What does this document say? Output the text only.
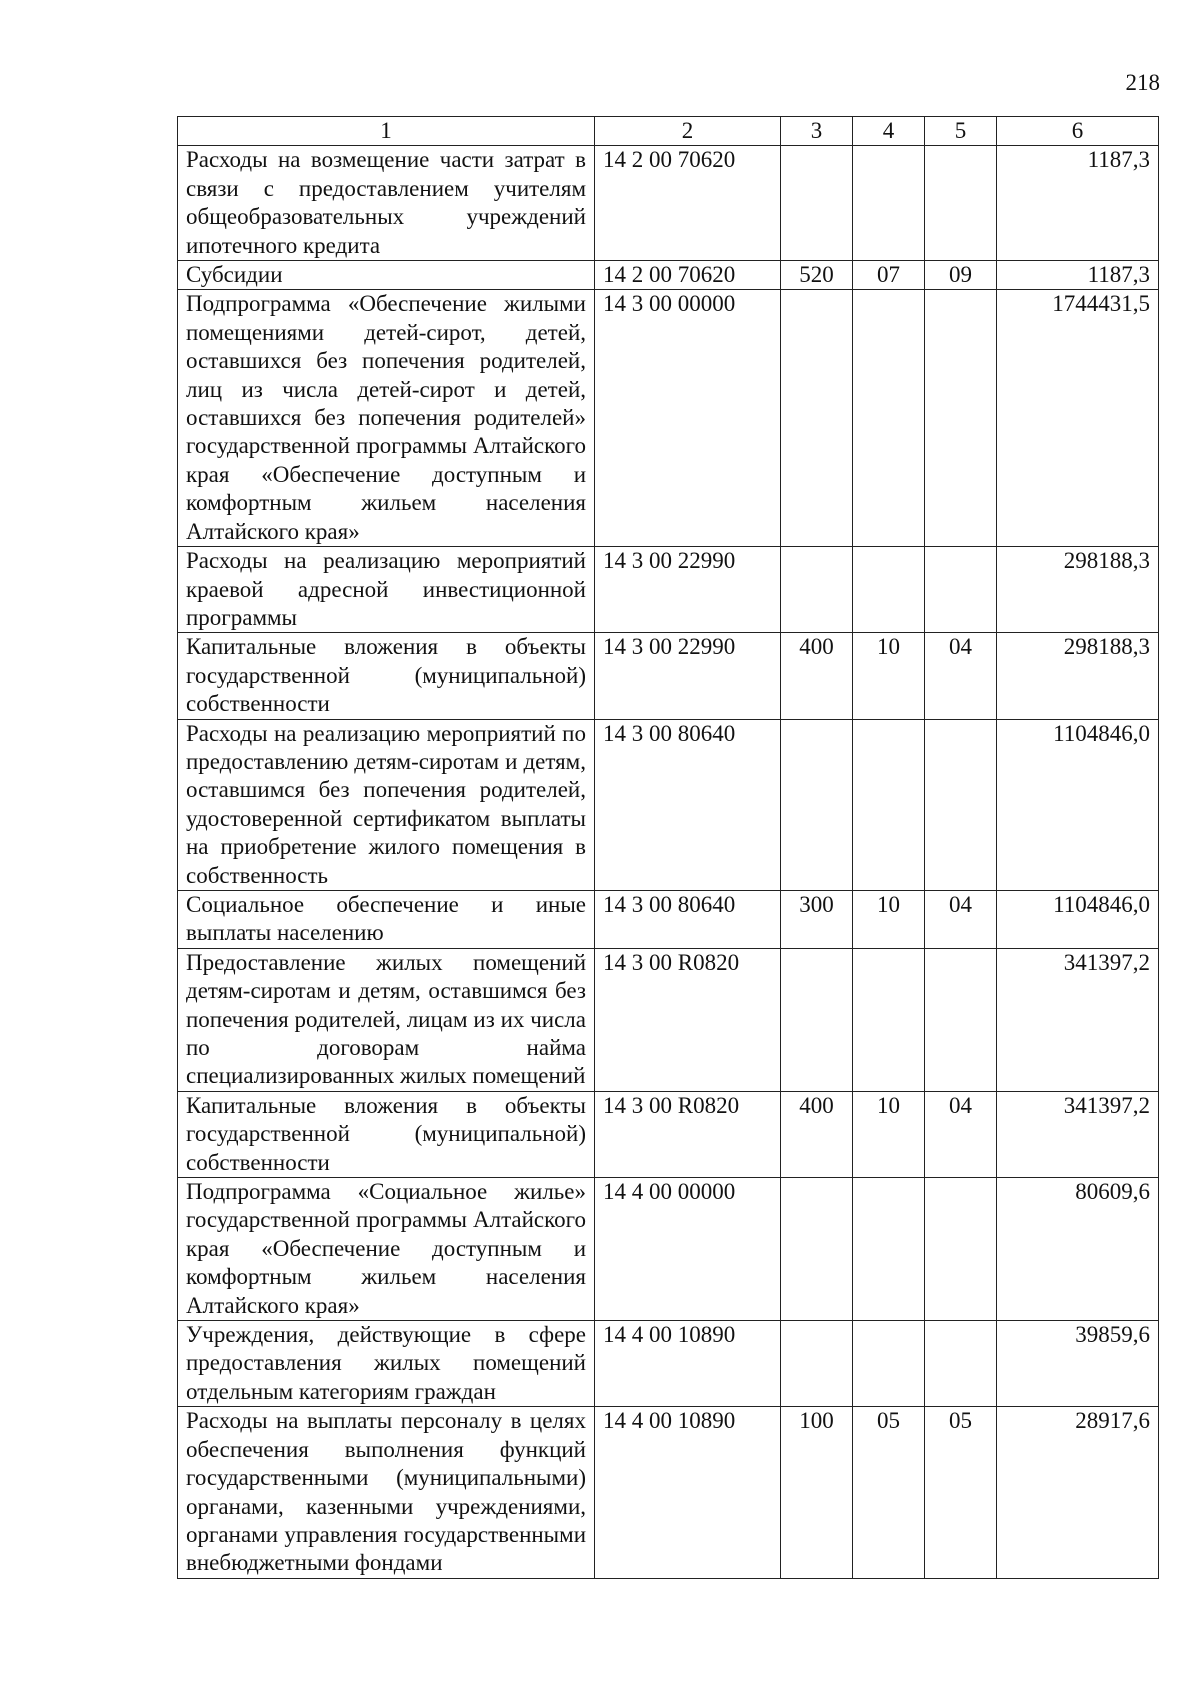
218
1	2	3	4	5	6
Расходы на возмещение части затрат в связи с предоставлением учителям общеобразовательных учреждений ипотечного кредита	14 2 00 70620				1187,3
Субсидии	14 2 00 70620	520	07	09	1187,3
Подпрограмма «Обеспечение жилыми помещениями детей-сирот, детей, оставшихся без попечения родителей, лиц из числа детей-сирот и детей, оставшихся без попечения родителей» государственной программы Алтайского края «Обеспечение доступным и комфортным жильем населения Алтайского края»	14 3 00 00000				1744431,5
Расходы на реализацию мероприятий краевой адресной инвестиционной программы	14 3 00 22990				298188,3
Капитальные вложения в объекты государственной (муниципальной) собственности	14 3 00 22990	400	10	04	298188,3
Расходы на реализацию мероприятий по предоставлению детям-сиротам и детям, оставшимся без попечения родителей, удостоверенной сертификатом выплаты на приобретение жилого помещения в собственность	14 3 00 80640				1104846,0
Социальное обеспечение и иные выплаты населению	14 3 00 80640	300	10	04	1104846,0
Предоставление жилых помещений детям-сиротам и детям, оставшимся без попечения родителей, лицам из их числа по договорам найма специализированных жилых помещений	14 3 00 R0820				341397,2
Капитальные вложения в объекты государственной (муниципальной) собственности	14 3 00 R0820	400	10	04	341397,2
Подпрограмма «Социальное жилье» государственной программы Алтайского края «Обеспечение доступным и комфортным жильем населения Алтайского края»	14 4 00 00000				80609,6
Учреждения, действующие в сфере предоставления жилых помещений отдельным категориям граждан	14 4 00 10890				39859,6
Расходы на выплаты персоналу в целях обеспечения выполнения функций государственными (муниципальными) органами, казенными учреждениями, органами управления государственными внебюджетными фондами	14 4 00 10890	100	05	05	28917,6
